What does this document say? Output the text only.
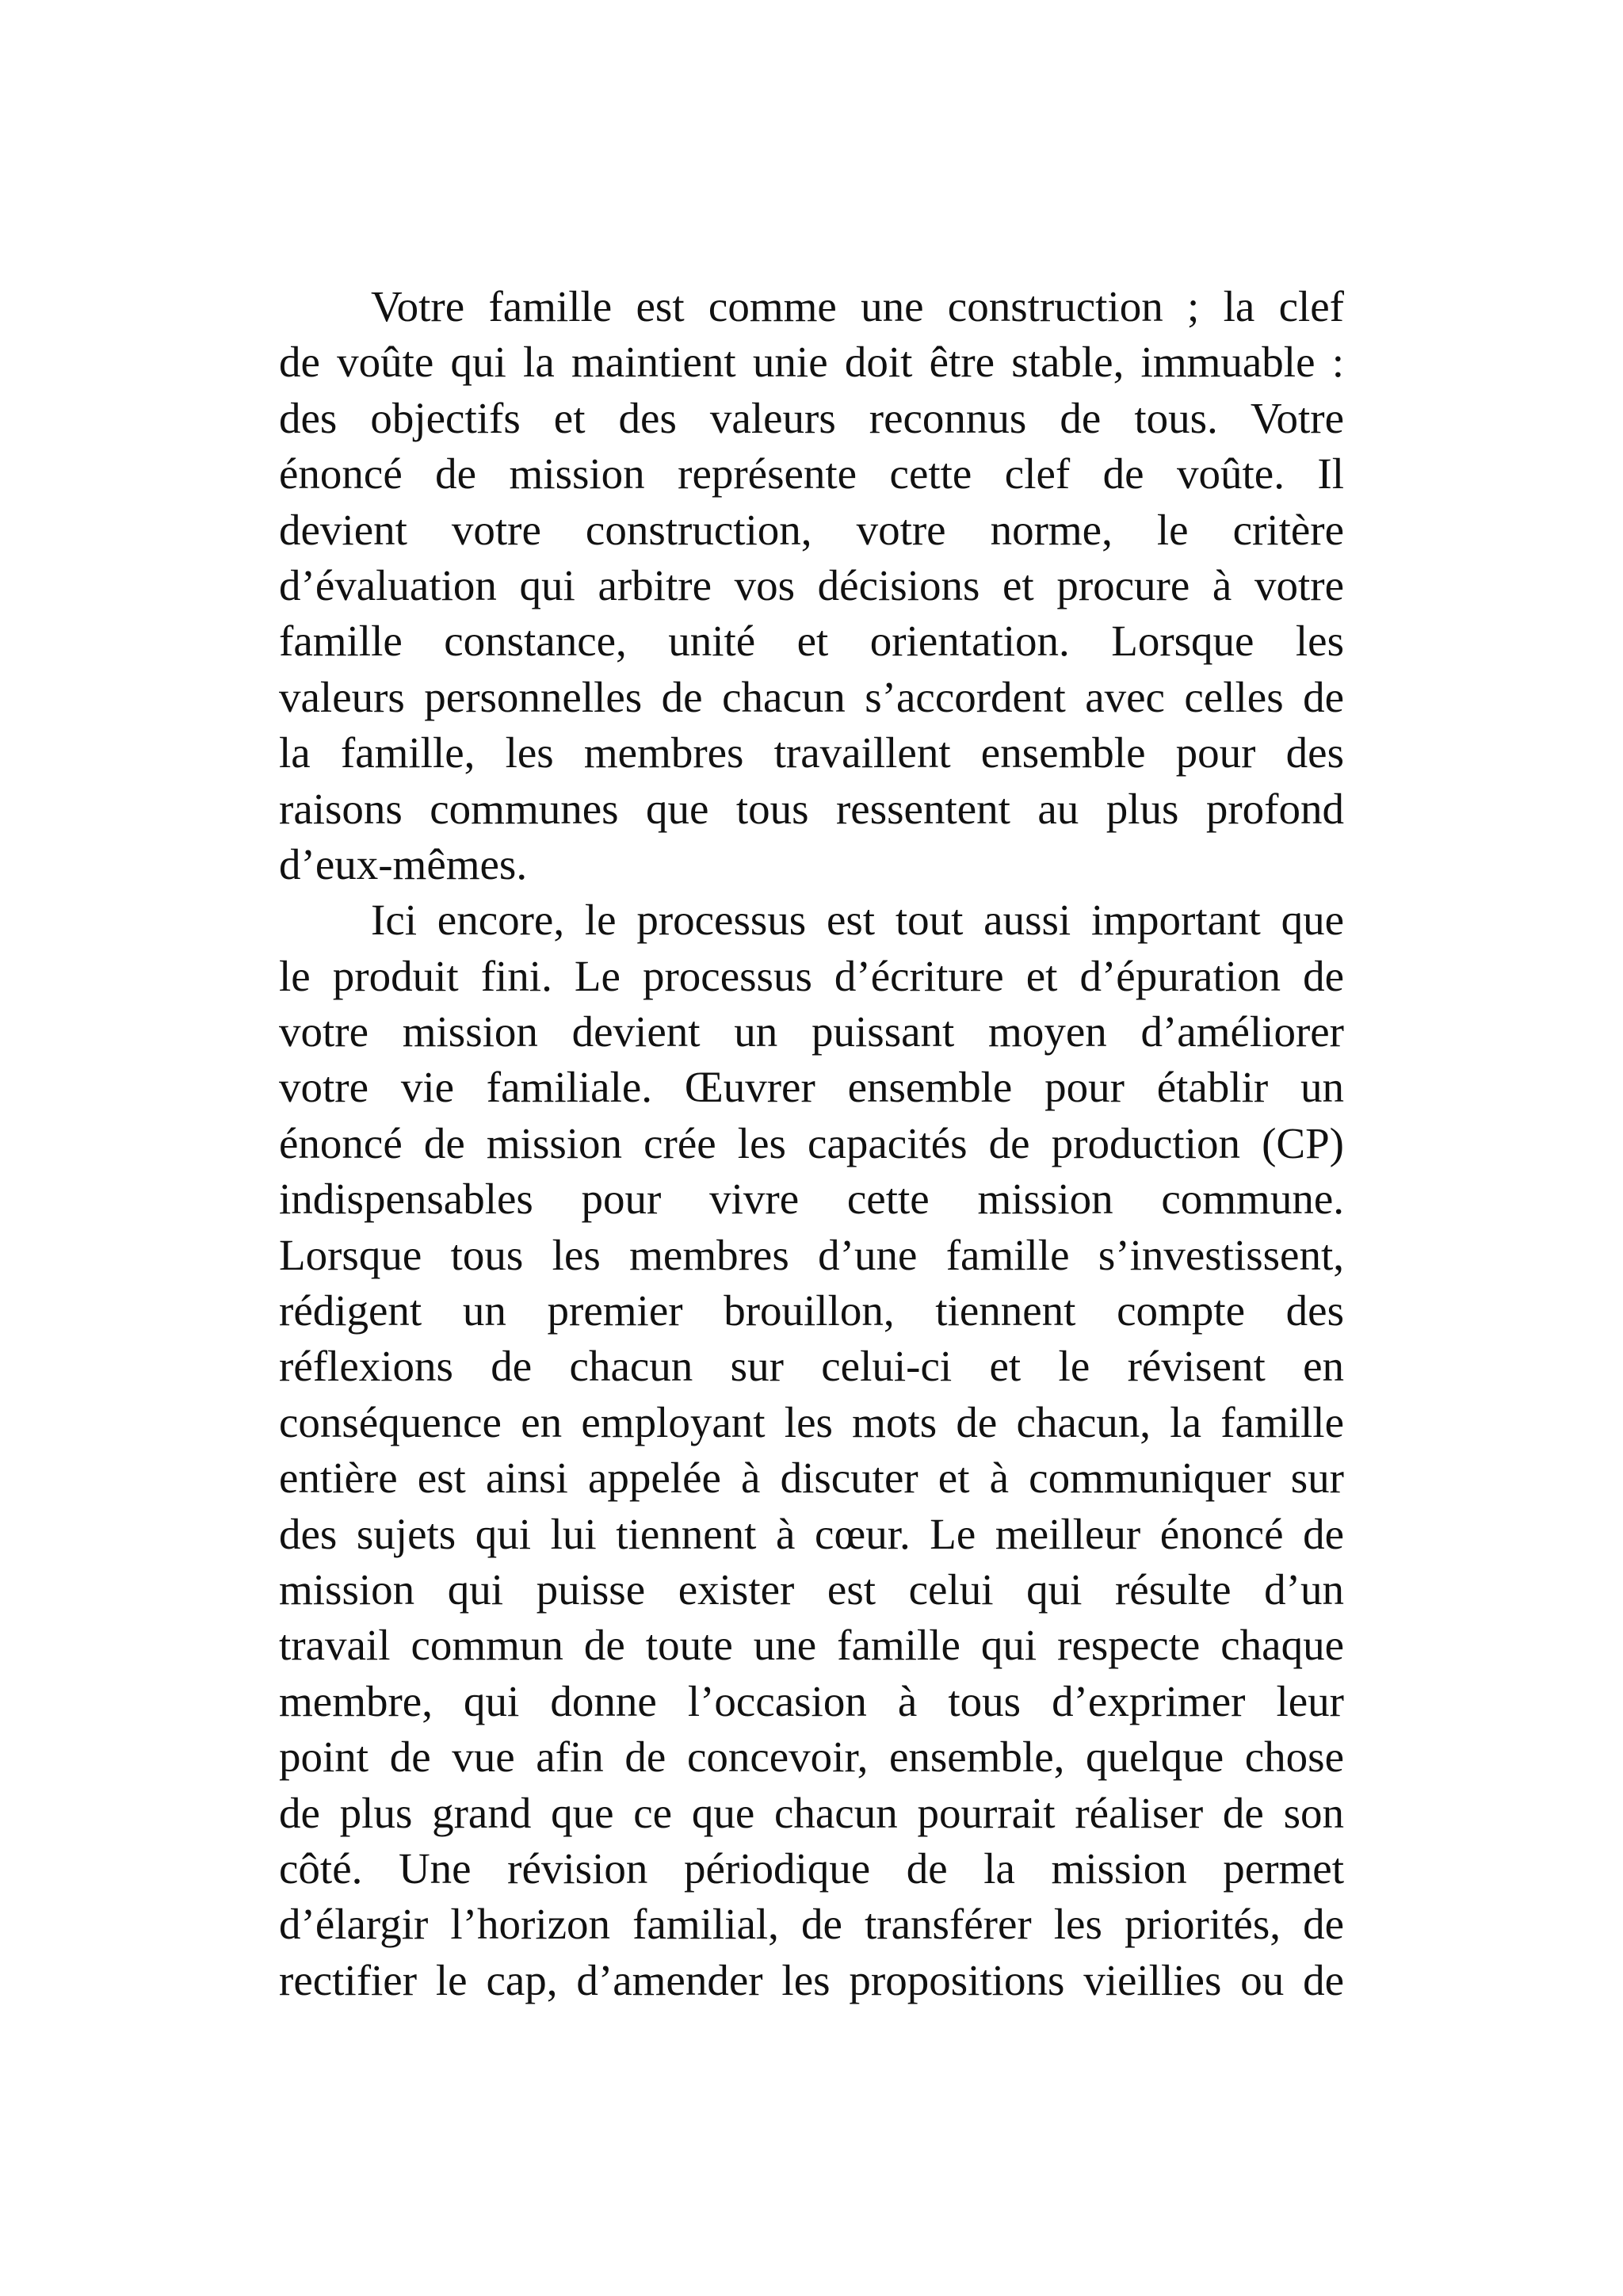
Votre famille est comme une construction ; la clef
de voûte qui la maintient unie doit être stable, immuable :
des objectifs et des valeurs reconnus de tous. Votre
énoncé de mission représente cette clef de voûte. Il
devient votre construction, votre norme, le critère
d’évaluation qui arbitre vos décisions et procure à votre
famille constance, unité et orientation. Lorsque les
valeurs personnelles de chacun s’accordent avec celles de
la famille, les membres travaillent ensemble pour des
raisons communes que tous ressentent au plus profond
d’eux-mêmes.
Ici encore, le processus est tout aussi important que
le produit fini. Le processus d’écriture et d’épuration de
votre mission devient un puissant moyen d’améliorer
votre vie familiale. Œuvrer ensemble pour établir un
énoncé de mission crée les capacités de production (CP)
indispensables pour vivre cette mission commune.
Lorsque tous les membres d’une famille s’investissent,
rédigent un premier brouillon, tiennent compte des
réflexions de chacun sur celui-ci et le révisent en
conséquence en employant les mots de chacun, la famille
entière est ainsi appelée à discuter et à communiquer sur
des sujets qui lui tiennent à cœur. Le meilleur énoncé de
mission qui puisse exister est celui qui résulte d’un
travail commun de toute une famille qui respecte chaque
membre, qui donne l’occasion à tous d’exprimer leur
point de vue afin de concevoir, ensemble, quelque chose
de plus grand que ce que chacun pourrait réaliser de son
côté. Une révision périodique de la mission permet
d’élargir l’horizon familial, de transférer les priorités, de
rectifier le cap, d’amender les propositions vieillies ou de
